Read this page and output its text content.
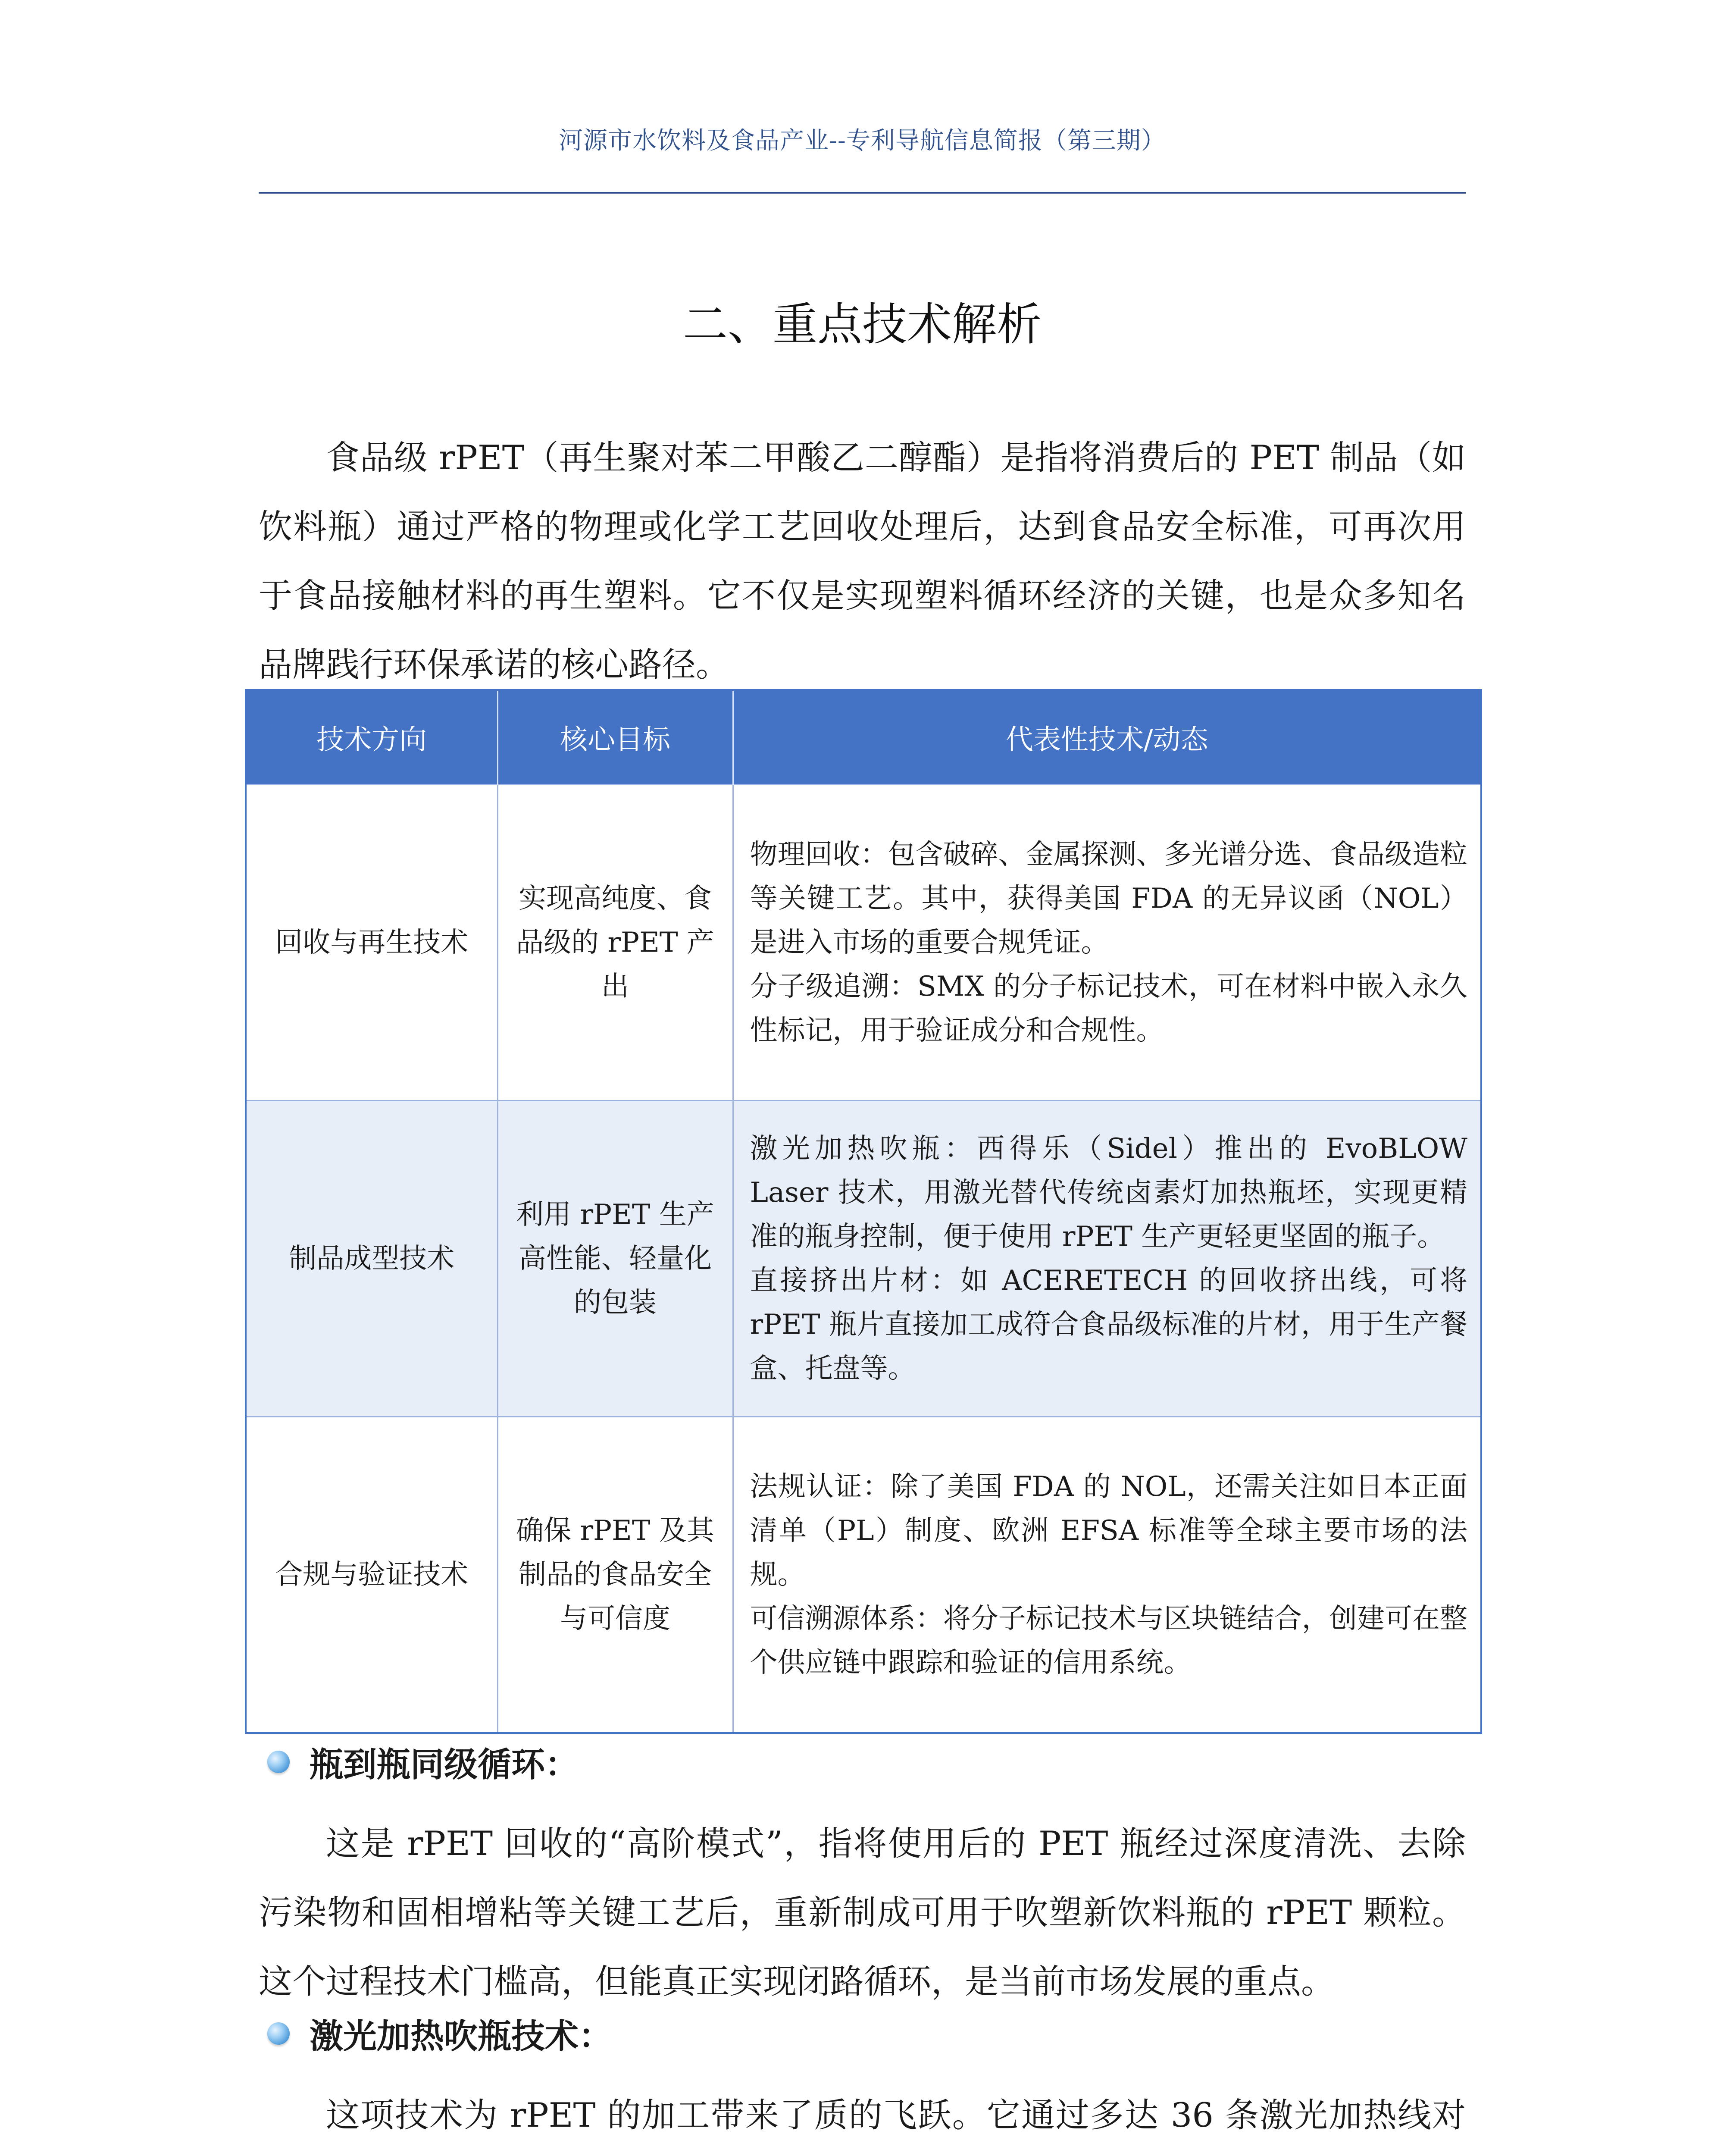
河源市水饮料及食品产业--专利导航信息简报（第三期）
二、重点技术解析

食品级 rPET（再生聚对苯二甲酸乙二醇酯）是指将消费后的 PET 制品（如饮料瓶）通过严格的物理或化学工艺回收处理后，达到食品安全标准，可再次用于食品接触材料的再生塑料。它不仅是实现塑料循环经济的关键，也是众多知名品牌践行环保承诺的核心路径。

技术方向	核心目标	代表性技术/动态
回收与再生技术	实现高纯度、食品级的 rPET 产出	物理回收：包含破碎、金属探测、多光谱分选、食品级造粒等关键工艺。其中，获得美国 FDA 的无异议函（NOL）是进入市场的重要合规凭证。

分子级追溯：SMX 的分子标记技术，可在材料中嵌入永久性标记，用于验证成分和合规性。

制品成型技术	利用 rPET 生产高性能、轻量化的包装	激光加热吹瓶：西得乐（Sidel）推出的 EvoBLOW Laser 技术，用激光替代传统卤素灯加热瓶坯，实现更精准的瓶身控制，便于使用 rPET 生产更轻更坚固的瓶子。

直接挤出片材：如 ACERETECH 的回收挤出线，可将 rPET 瓶片直接加工成符合食品级标准的片材，用于生产餐盒、托盘等。

合规与验证技术	确保 rPET 及其制品的食品安全与可信度	法规认证：除了美国 FDA 的 NOL，还需关注如日本正面清单（PL）制度、欧洲 EFSA 标准等全球主要市场的法规。

可信溯源体系：将分子标记技术与区块链结合，创建可在整个供应链中跟踪和验证的信用系统。

瓶到瓶同级循环：

这是 rPET 回收的“高阶模式”，指将使用后的 PET 瓶经过深度清洗、去除污染物和固相增粘等关键工艺后，重新制成可用于吹塑新饮料瓶的 rPET 颗粒。这个过程技术门槛高，但能真正实现闭路循环，是当前市场发展的重点。

激光加热吹瓶技术：

这项技术为 rPET 的加工带来了质的飞跃。它通过多达 36 条激光加热线对
